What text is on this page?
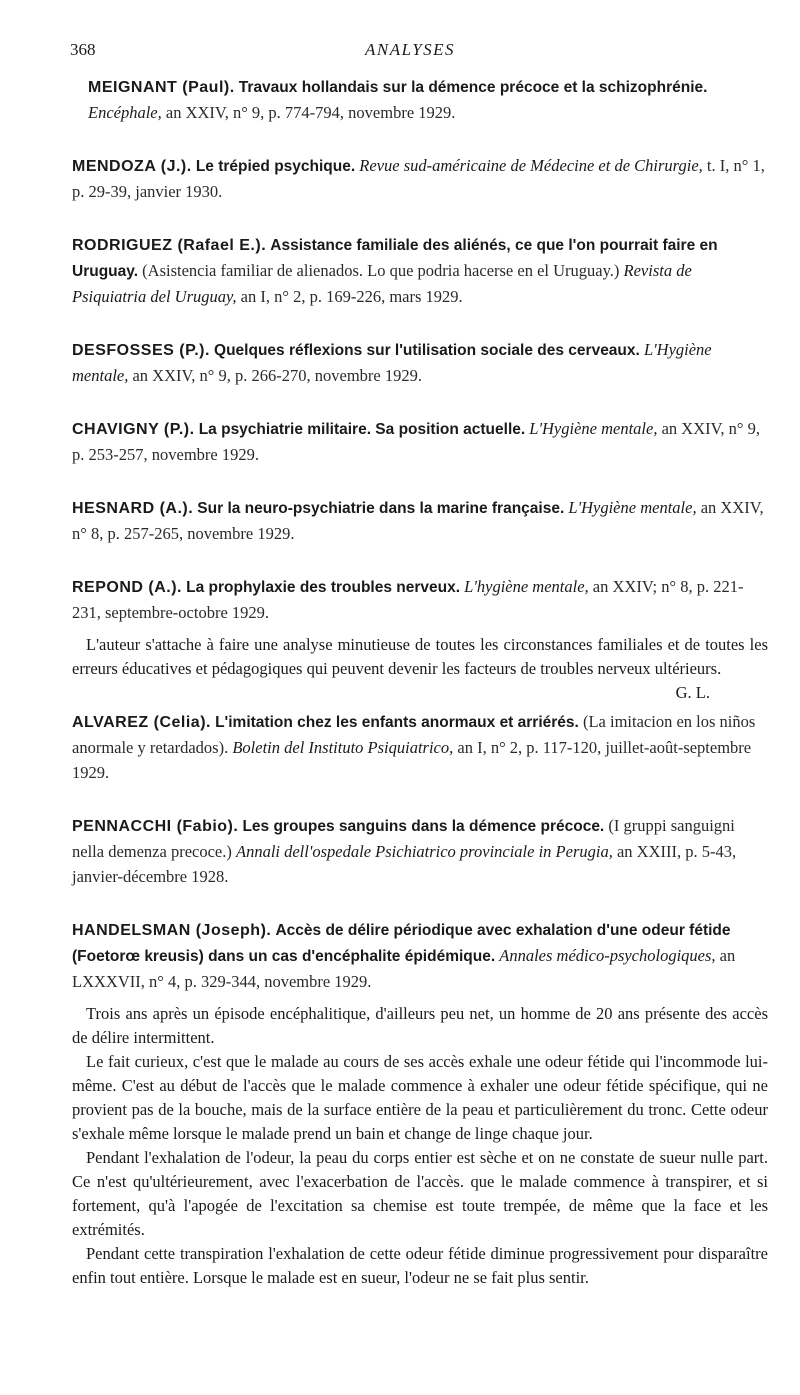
368	ANALYSES

MEIGNANT (Paul). Travaux hollandais sur la démence précoce et la schizophrénie. Encéphale, an XXIV, n° 9, p. 774-794, novembre 1929.

MENDOZA (J.). Le trépied psychique. Revue sud-américaine de Médecine et de Chirurgie, t. I, n° 1, p. 29-39, janvier 1930.

RODRIGUEZ (Rafael E.). Assistance familiale des aliénés, ce que l'on pourrait faire en Uruguay. (Asistencia familiar de alienados. Lo que podria hacerse en el Uruguay.) Revista de Psiquiatria del Uruguay, an I, n° 2, p. 169-226, mars 1929.

DESFOSSES (P.). Quelques réflexions sur l'utilisation sociale des cerveaux. L'Hygiène mentale, an XXIV, n° 9, p. 266-270, novembre 1929.

CHAVIGNY (P.). La psychiatrie militaire. Sa position actuelle. L'Hygiène mentale, an XXIV, n° 9, p. 253-257, novembre 1929.

HESNARD (A.). Sur la neuro-psychiatrie dans la marine française. L'Hygiène mentale, an XXIV, n° 8, p. 257-265, novembre 1929.

REPOND (A.). La prophylaxie des troubles nerveux. L'hygiène mentale, an XXIV; n° 8, p. 221-231, septembre-octobre 1929.

L'auteur s'attache à faire une analyse minutieuse de toutes les circonstances familiales et de toutes les erreurs éducatives et pédagogiques qui peuvent devenir les facteurs de troubles nerveux ultérieurs.
G. L.

ALVAREZ (Celia). L'imitation chez les enfants anormaux et arriérés. (La imitacion en los niños anormale y retardados). Boletin del Instituto Psiquiatrico, an I, n° 2, p. 117-120, juillet-août-septembre 1929.

PENNACCHI (Fabio). Les groupes sanguins dans la démence précoce. (I gruppi sanguigni nella demenza precoce.) Annali dell'ospedale Psichiatrico provinciale in Perugia, an XXIII, p. 5-43, janvier-décembre 1928.

HANDELSMAN (Joseph). Accès de délire périodique avec exhalation d'une odeur fétide (Foetorœ kreusis) dans un cas d'encéphalite épidémique. Annales médico-psychologiques, an LXXXVII, n° 4, p. 329-344, novembre 1929.

Trois ans après un épisode encéphalitique, d'ailleurs peu net, un homme de 20 ans présente des accès de délire intermittent.

Le fait curieux, c'est que le malade au cours de ses accès exhale une odeur fétide qui l'incommode lui-même. C'est au début de l'accès que le malade commence à exhaler une odeur fétide spécifique, qui ne provient pas de la bouche, mais de la surface entière de la peau et particulièrement du tronc. Cette odeur s'exhale même lorsque le malade prend un bain et change de linge chaque jour.

Pendant l'exhalation de l'odeur, la peau du corps entier est sèche et on ne constate de sueur nulle part. Ce n'est qu'ultérieurement, avec l'exacerbation de l'accès. que le malade commence à transpirer, et si fortement, qu'à l'apogée de l'excitation sa chemise est toute trempée, de même que la face et les extrémités.

Pendant cette transpiration l'exhalation de cette odeur fétide diminue progressivement pour disparaître enfin tout entière. Lorsque le malade est en sueur, l'odeur ne se fait plus sentir.
